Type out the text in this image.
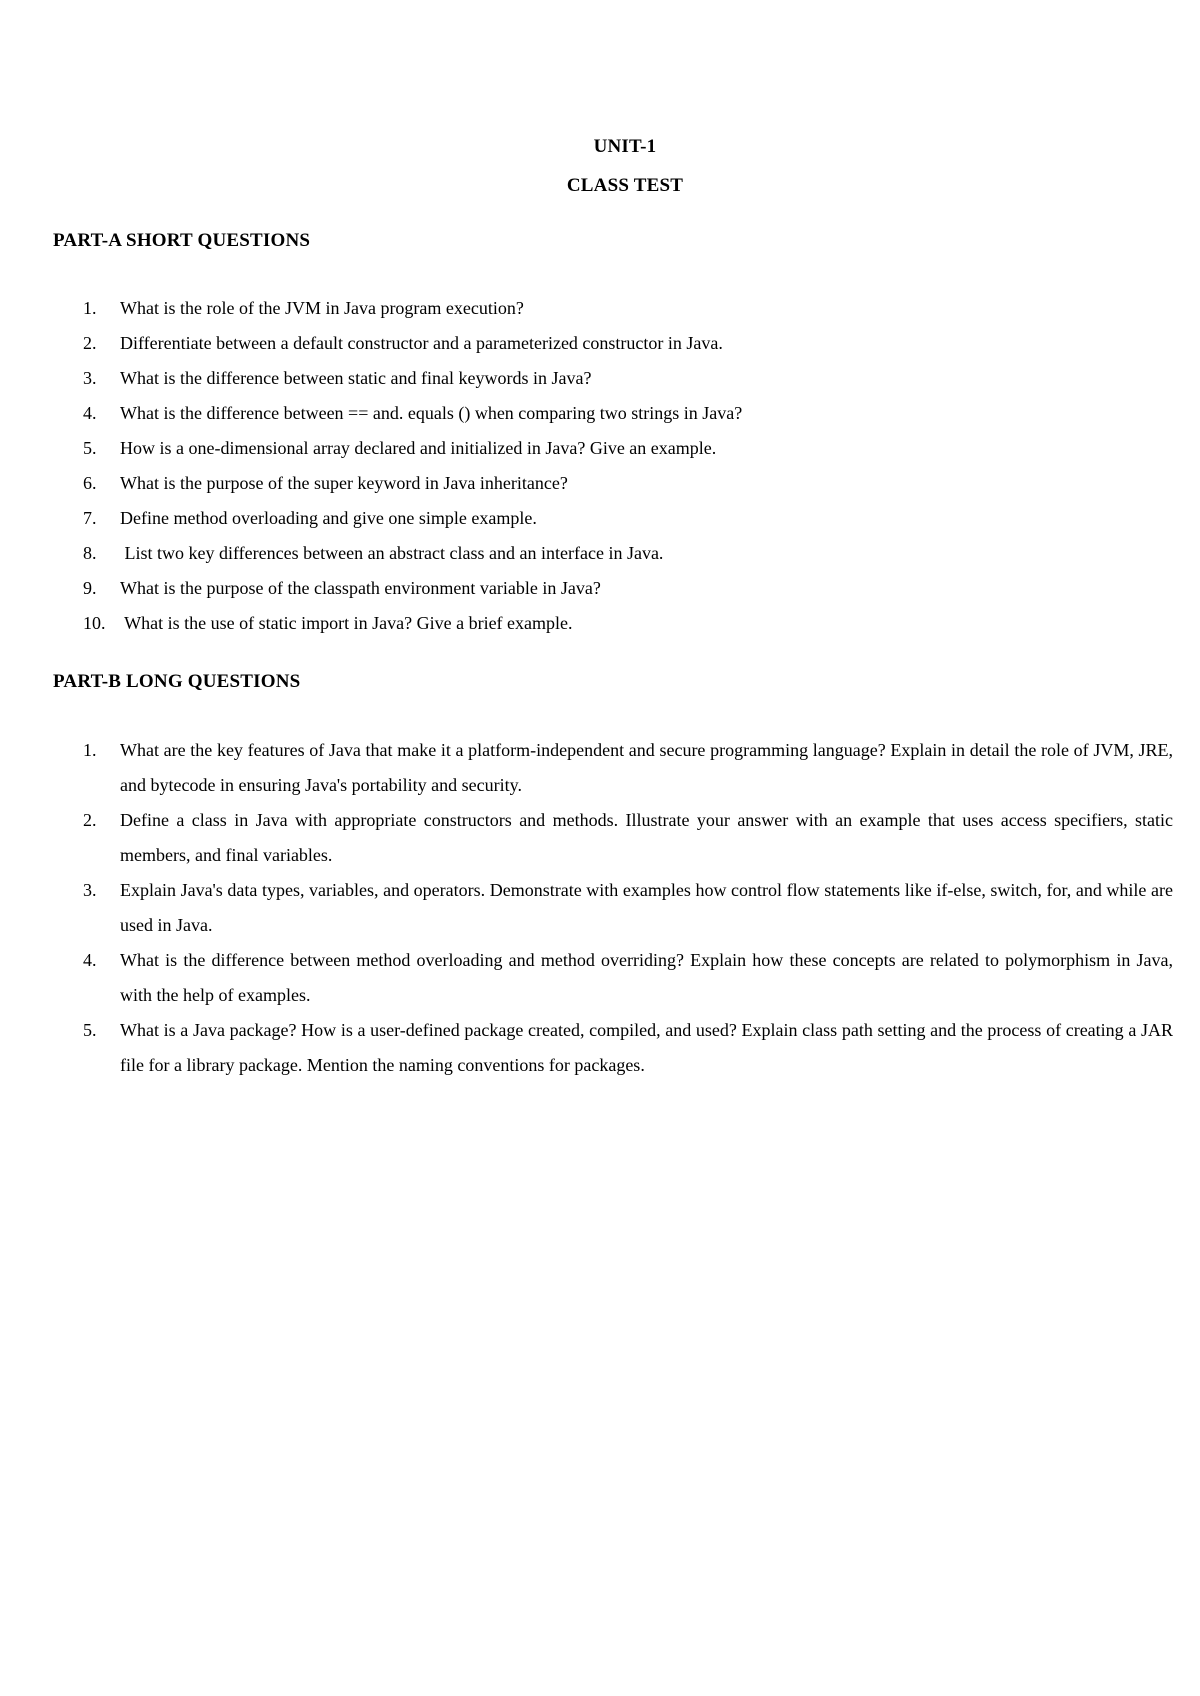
UNIT-1
CLASS TEST
PART-A SHORT QUESTIONS
1. What is the role of the JVM in Java program execution?
2. Differentiate between a default constructor and a parameterized constructor in Java.
3. What is the difference between static and final keywords in Java?
4. What is the difference between == and. equals () when comparing two strings in Java?
5. How is a one-dimensional array declared and initialized in Java? Give an example.
6. What is the purpose of the super keyword in Java inheritance?
7. Define method overloading and give one simple example.
8. List two key differences between an abstract class and an interface in Java.
9. What is the purpose of the classpath environment variable in Java?
10. What is the use of static import in Java? Give a brief example.
PART-B LONG QUESTIONS
1. What are the key features of Java that make it a platform-independent and secure programming language? Explain in detail the role of JVM, JRE, and bytecode in ensuring Java's portability and security.
2. Define a class in Java with appropriate constructors and methods. Illustrate your answer with an example that uses access specifiers, static members, and final variables.
3. Explain Java's data types, variables, and operators. Demonstrate with examples how control flow statements like if-else, switch, for, and while are used in Java.
4. What is the difference between method overloading and method overriding? Explain how these concepts are related to polymorphism in Java, with the help of examples.
5. What is a Java package? How is a user-defined package created, compiled, and used? Explain class path setting and the process of creating a JAR file for a library package. Mention the naming conventions for packages.
